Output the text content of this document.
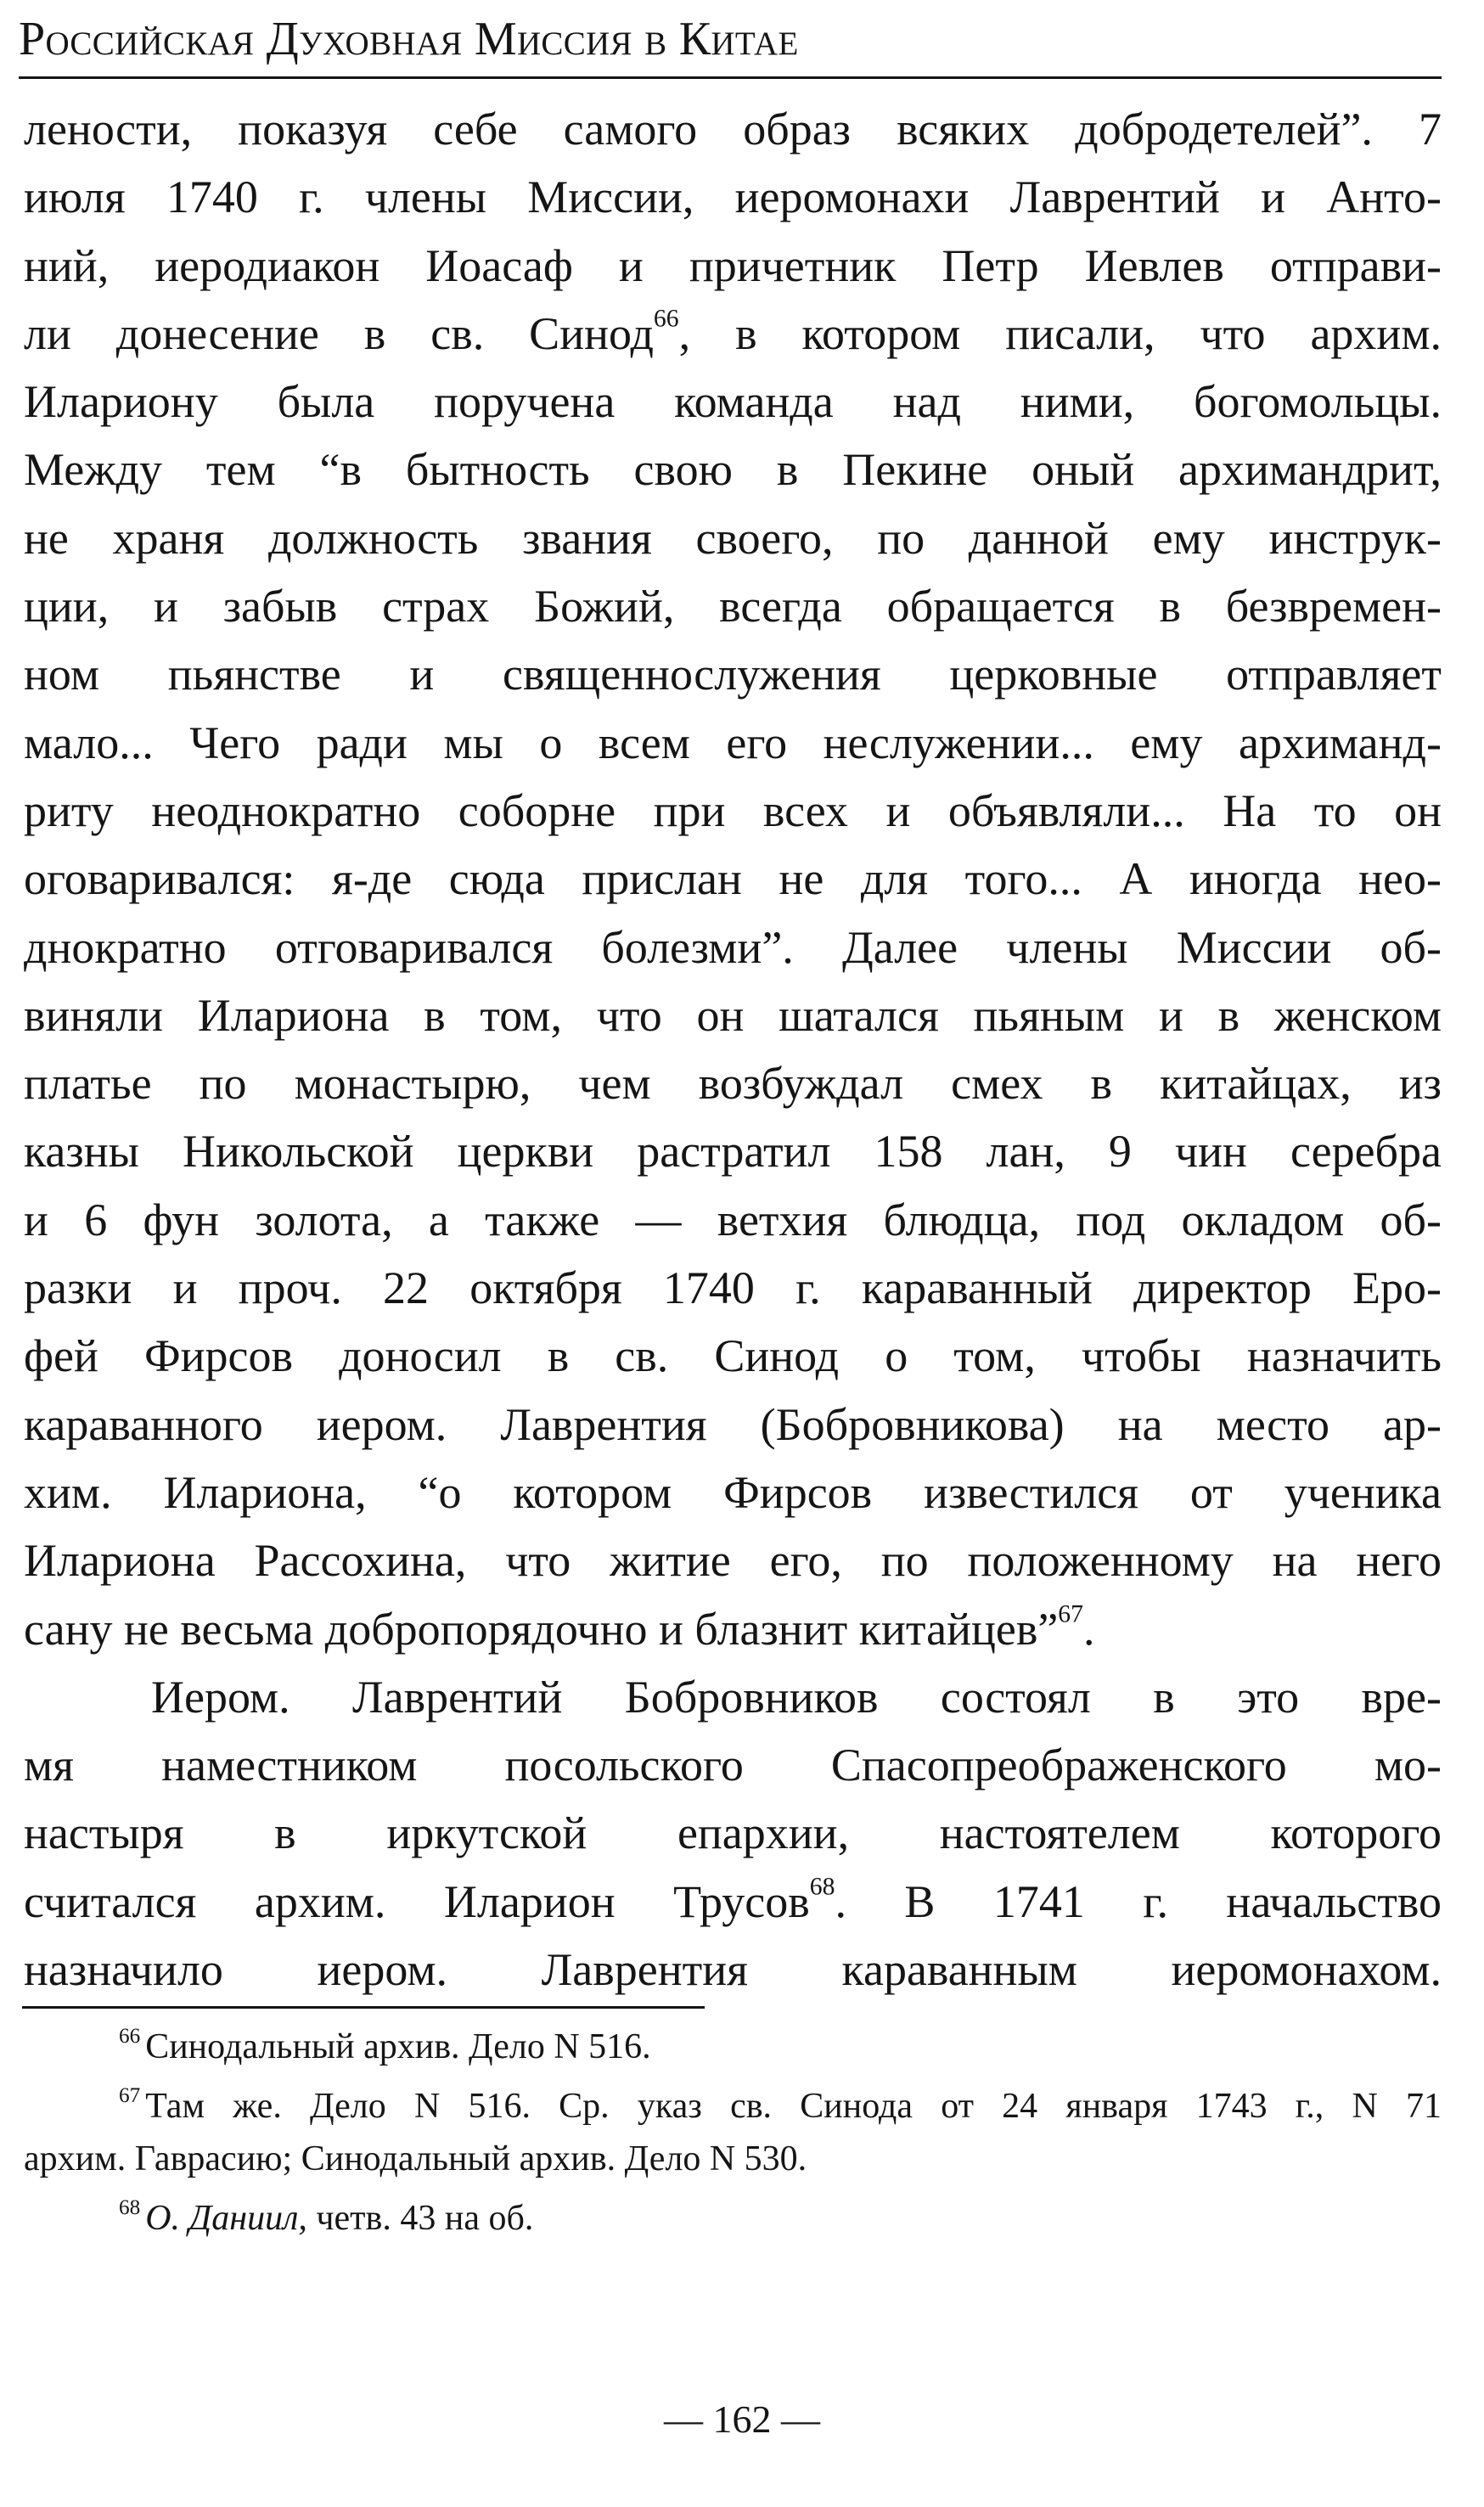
Российская Духовная Миссия в Китае
лености, показуя себе самого образ всяких добродетелей”. 7
июля 1740 г. члены Миссии, иеромонахи Лаврентий и Анто-
ний, иеродиакон Иоасаф и причетник Петр Иевлев отправи-
ли донесение в св. Синод$^{66}$, в котором писали, что архим.
Илариону была поручена команда над ними, богомольцы.
Между тем “в бытность свою в Пекине оный архимандрит,
не храня должность звания своего, по данной ему инструк-
ции, и забыв страх Божий, всегда обращается в безвремен-
ном пьянстве и священнослужения церковные отправляет
мало... Чего ради мы о всем его неслужении... ему архиманд-
риту неоднократно соборне при всех и объявляли... На то он
оговаривался: я-де сюда прислан не для того... А иногда нео-
днократно отговаривался болезми”. Далее члены Миссии об-
виняли Илариона в том, что он шатался пьяным и в женском
платье по монастырю, чем возбуждал смех в китайцах, из
казны Никольской церкви растратил 158 лан, 9 чин серебра
и 6 фун золота, а также — ветхия блюдца, под окладом об-
разки и проч. 22 октября 1740 г. караванный директор Еро-
фей Фирсов доносил в св. Синод о том, чтобы назначить
караванного иером. Лаврентия (Бобровникова) на место ар-
хим. Илариона, “о котором Фирсов известился от ученика
Илариона Рассохина, что житие его, по положенному на него
сану не весьма добропорядочно и блазнит китайцев”$^{67}$.
Иером. Лаврентий Бобровников состоял в это вре-
мя наместником посольского Спасопреображенского мо-
настыря в иркутской епархии, настоятелем которого
считался архим. Иларион Трусов$^{68}$. В 1741 г. начальство
назначило иером. Лаврентия караванным иеромонахом.
$^{66}$ Синодальный архив. Дело N 516.
$^{67}$ Там же. Дело N 516. Ср. указ св. Синода от 24 января 1743 г., N 71
архим. Гаврасию; Синодальный архив. Дело N 530.
$^{68}$ О. Даниил, четв. 43 на об.
— 162 —
